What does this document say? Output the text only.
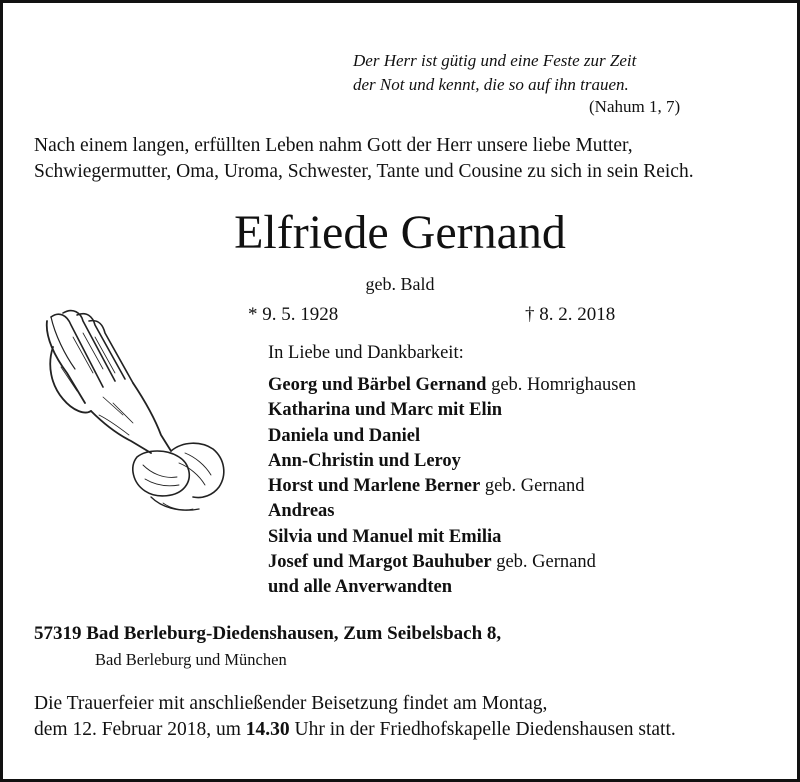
Der Herr ist gütig und eine Feste zur Zeit
der Not und kennt, die so auf ihn trauen.
(Nahum 1, 7)
Nach einem langen, erfüllten Leben nahm Gott der Herr unsere liebe Mutter,
Schwiegermutter, Oma, Uroma, Schwester, Tante und Cousine zu sich in sein Reich.
Elfriede Gernand
geb. Bald
* 9. 5. 1928	† 8. 2. 2018
In Liebe und Dankbarkeit:
Georg und Bärbel Gernand geb. Homrighausen
Katharina und Marc mit Elin
Daniela und Daniel
Ann-Christin und Leroy
Horst und Marlene Berner geb. Gernand
Andreas
Silvia und Manuel mit Emilia
Josef und Margot Bauhuber geb. Gernand
und alle Anverwandten
57319 Bad Berleburg-Diedenshausen, Zum Seibelsbach 8,
Bad Berleburg und München
Die Trauerfeier mit anschließender Beisetzung findet am Montag,
dem 12. Februar 2018, um 14.30 Uhr in der Friedhofskapelle Diedenshausen statt.
